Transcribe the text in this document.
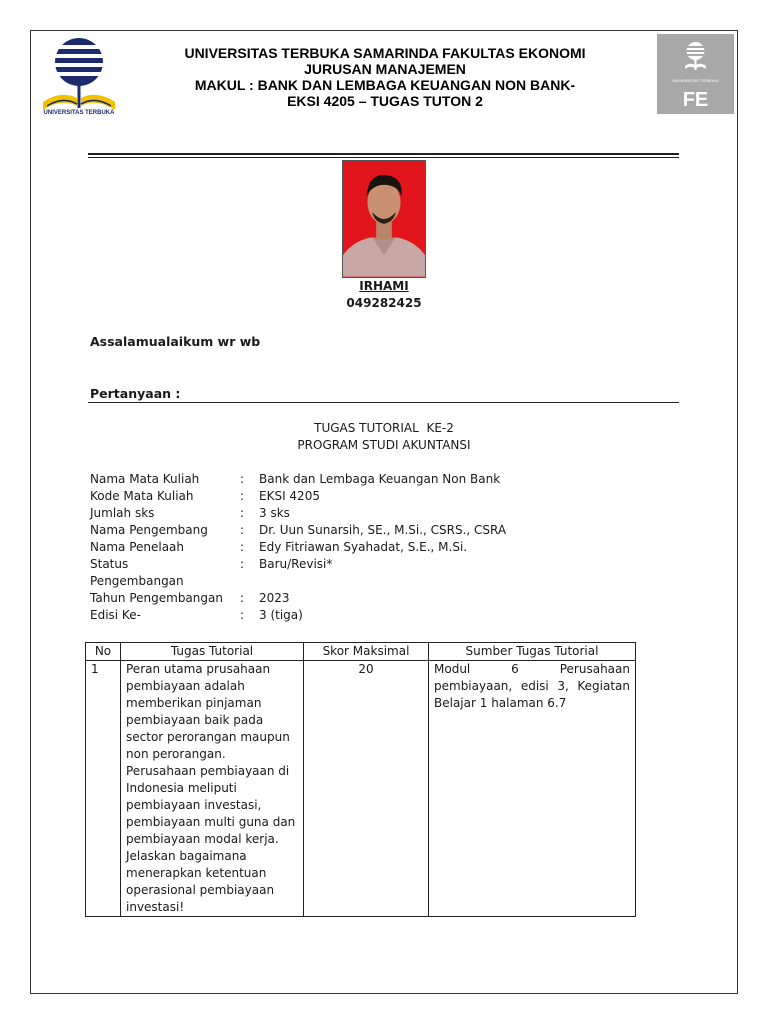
UNIVERSITAS TERBUKA
UNIVERSITAS TERBUKA SAMARINDA FAKULTAS EKONOMI
JURUSAN MANAJEMEN
MAKUL : BANK DAN LEMBAGA KEUANGAN NON BANK-
EKSI 4205 – TUGAS TUTON 2
UNIVERSITAS TERBUKA
FE
IRHAMI
049282425
Assalamualaikum wr wb
Pertanyaan :
TUGAS TUTORIAL  KE-2
PROGRAM STUDI AKUNTANSI
Nama Mata Kuliah	:	Bank dan Lembaga Keuangan Non Bank
Kode Mata Kuliah	:	EKSI 4205
Jumlah sks	:	3 sks
Nama Pengembang	:	Dr. Uun Sunarsih, SE., M.Si., CSRS., CSRA
Nama Penelaah	:	Edy Fitriawan Syahadat, S.E., M.Si.
Status	:	Baru/Revisi*
Pengembangan
Tahun Pengembangan	:	2023
Edisi Ke-	:	3 (tiga)
No	Tugas Tutorial	Skor Maksimal	Sumber Tugas Tutorial
1	Peran utama prusahaan pembiayaan adalah memberikan pinjaman pembiayaan baik pada sector perorangan maupun non perorangan. Perusahaan pembiayaan di Indonesia meliputi pembiayaan investasi, pembiayaan multi guna dan pembiayaan modal kerja. Jelaskan bagaimana menerapkan ketentuan operasional pembiayaan investasi!	20	Modul 6 Perusahaan pembiayaan, edisi 3, Kegiatan Belajar 1 halaman 6.7
